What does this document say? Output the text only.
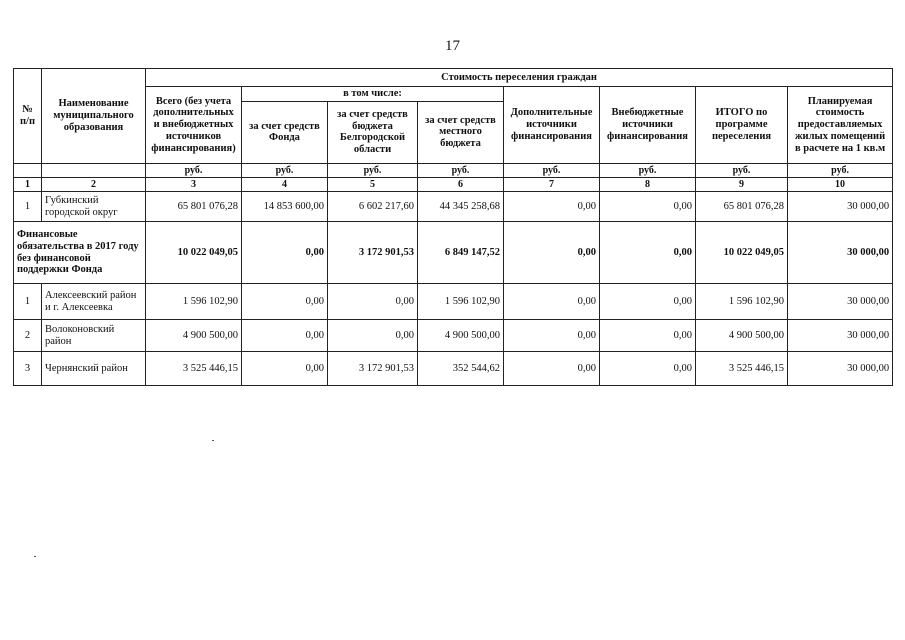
17
№ п/п	Наименование муниципального образования	Стоимость переселения граждан							
		Всего (без учета дополнительных и внебюджетных источников финансирования)	в том числе:			Дополнительные источники финансирования	Внебюджетные источники финансирования	ИТОГО по программе переселения	Планируемая стоимость предоставляемых жилых помещений в расчете на 1 кв.м
			за счет средств Фонда	за счет средств бюджета Белгородской области	за счет средств местного бюджета				
		руб.	руб.	руб.	руб.	руб.	руб.	руб.	руб.
1	2	3	4	5	6	7	8	9	10
1	Губкинский городской округ	65 801 076,28	14 853 600,00	6 602 217,60	44 345 258,68	0,00	0,00	65 801 076,28	30 000,00
Финансовые обязательства в 2017 году без финансовой поддержки Фонда		10 022 049,05	0,00	3 172 901,53	6 849 147,52	0,00	0,00	10 022 049,05	30 000,00
1	Алексеевский район и г. Алексеевка	1 596 102,90	0,00	0,00	1 596 102,90	0,00	0,00	1 596 102,90	30 000,00
2	Волоконовский район	4 900 500,00	0,00	0,00	4 900 500,00	0,00	0,00	4 900 500,00	30 000,00
3	Чернянский район	3 525 446,15	0,00	3 172 901,53	352 544,62	0,00	0,00	3 525 446,15	30 000,00
